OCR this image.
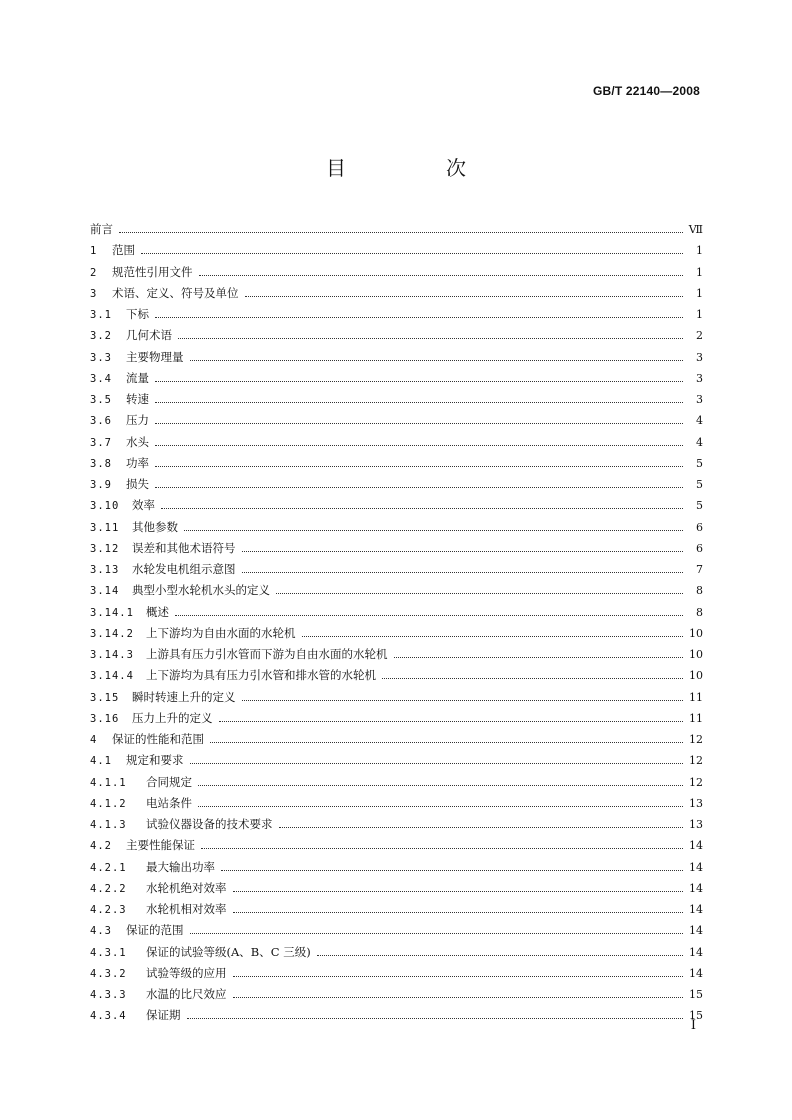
GB/T 22140—2008
目　次
前言	Ⅶ
1	范围	1
2	规范性引用文件	1
3	术语、定义、符号及单位	1
3.1	下标	1
3.2	几何术语	2
3.3	主要物理量	3
3.4	流量	3
3.5	转速	3
3.6	压力	4
3.7	水头	4
3.8	功率	5
3.9	损失	5
3.10	效率	5
3.11	其他参数	6
3.12	误差和其他术语符号	6
3.13	水轮发电机组示意图	7
3.14	典型小型水轮机水头的定义	8
3.14.1	概述	8
3.14.2	上下游均为自由水面的水轮机	10
3.14.3	上游具有压力引水管而下游为自由水面的水轮机	10
3.14.4	上下游均为具有压力引水管和排水管的水轮机	10
3.15	瞬时转速上升的定义	11
3.16	压力上升的定义	11
4	保证的性能和范围	12
4.1	规定和要求	12
4.1.1	合同规定	12
4.1.2	电站条件	13
4.1.3	试验仪器设备的技术要求	13
4.2	主要性能保证	14
4.2.1	最大输出功率	14
4.2.2	水轮机绝对效率	14
4.2.3	水轮机相对效率	14
4.3	保证的范围	14
4.3.1	保证的试验等级(A、B、C 三级)	14
4.3.2	试验等级的应用	14
4.3.3	水温的比尺效应	15
4.3.4	保证期	15
I
